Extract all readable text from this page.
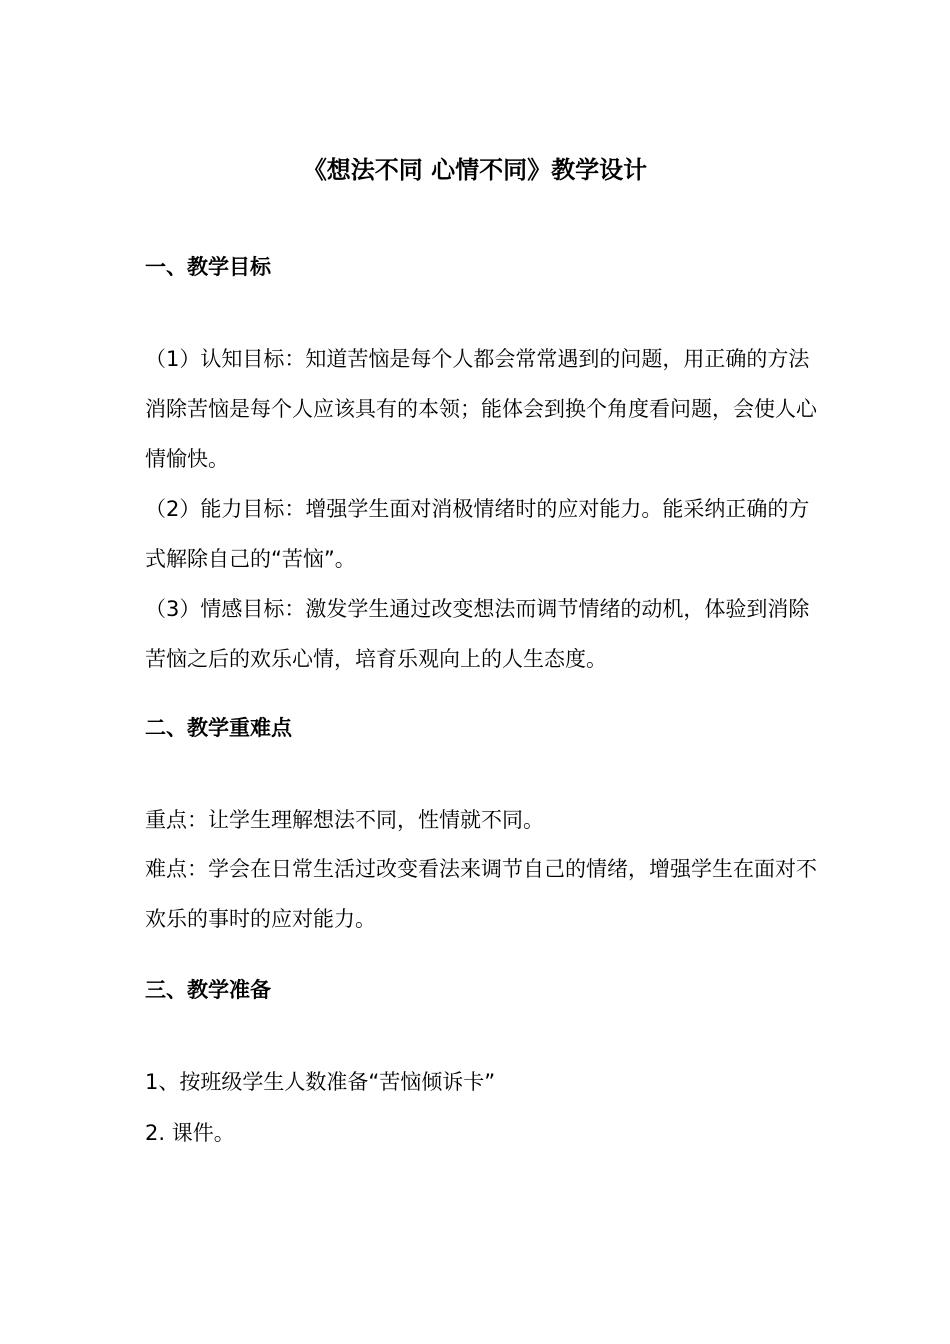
《想法不同 心情不同》教学设计
一、教学目标

（1）认知目标：知道苦恼是每个人都会常常遇到的问题，用正确的方法消除苦恼是每个人应该具有的本领；能体会到换个角度看问题，会使人心情愉快。

（2）能力目标：增强学生面对消极情绪时的应对能力。能采纳正确的方式解除自己的“苦恼”。

（3）情感目标：激发学生通过改变想法而调节情绪的动机，体验到消除苦恼之后的欢乐心情，培育乐观向上的人生态度。

二、教学重难点
重点：让学生理解想法不同，性情就不同。

难点：学会在日常生活过改变看法来调节自己的情绪，增强学生在面对不欢乐的事时的应对能力。

三、教学准备
1、按班级学生人数准备“苦恼倾诉卡”
2. 课件。
